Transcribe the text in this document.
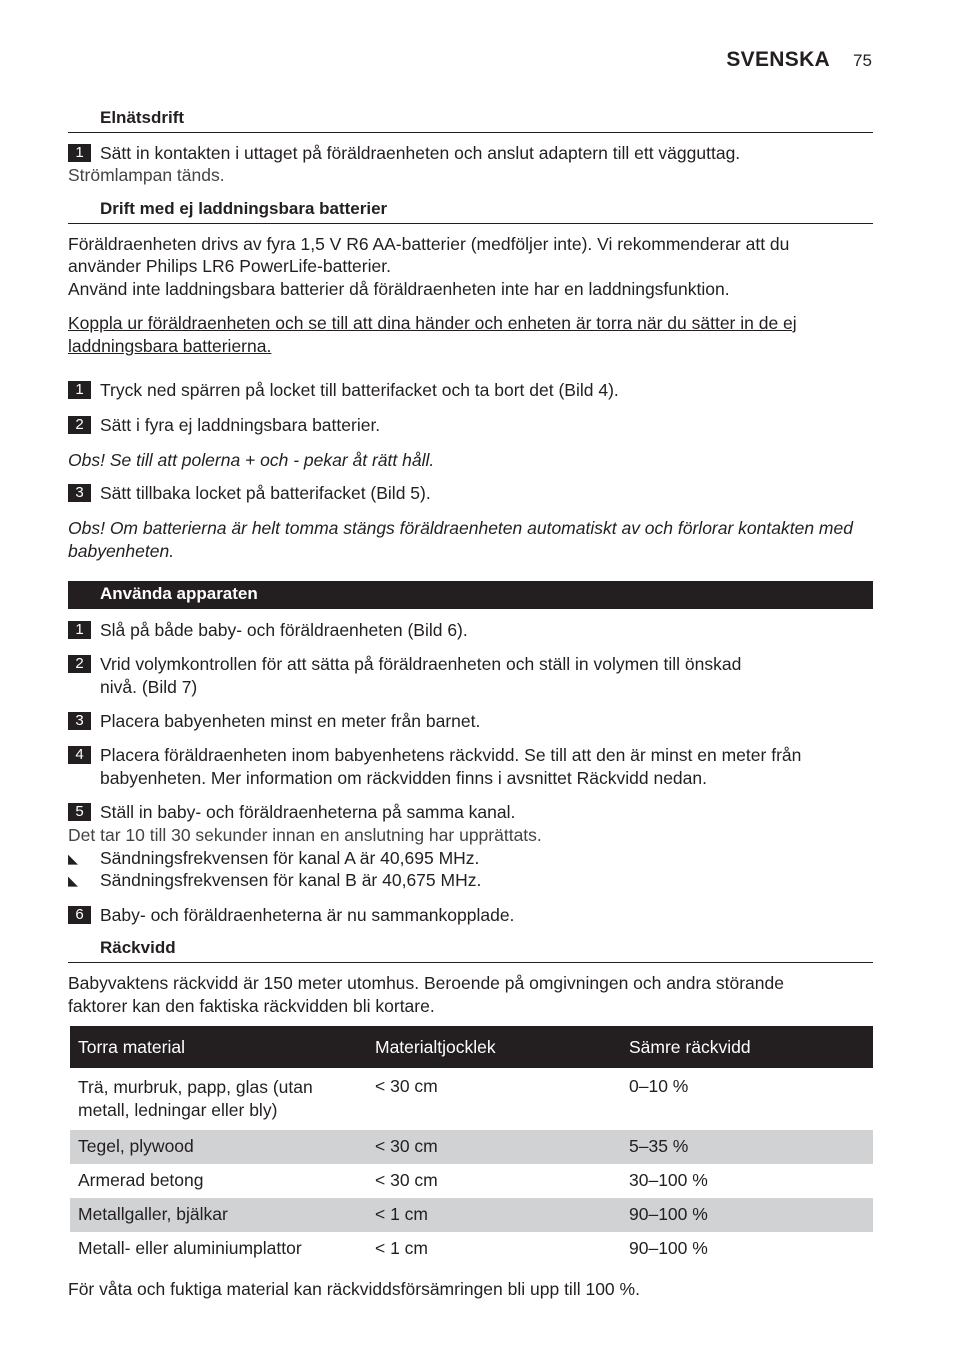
SVENSKA 75
Elnätsdrift
1 Sätt in kontakten i uttaget på föräldraenheten och anslut adaptern till ett vägguttag.
Strömlampan tänds.
Drift med ej laddningsbara batterier
Föräldraenheten drivs av fyra 1,5 V R6 AA-batterier (medföljer inte). Vi rekommenderar att du
använder Philips LR6 PowerLife-batterier.
Använd inte laddningsbara batterier då föräldraenheten inte har en laddningsfunktion.
Koppla ur föräldraenheten och se till att dina händer och enheten är torra när du sätter in de ej
laddningsbara batterierna.
1 Tryck ned spärren på locket till batterifacket och ta bort det (Bild 4).
2 Sätt i fyra ej laddningsbara batterier.
Obs! Se till att polerna + och - pekar åt rätt håll.
3 Sätt tillbaka locket på batterifacket (Bild 5).
Obs! Om batterierna är helt tomma stängs föräldraenheten automatiskt av och förlorar kontakten med
babyenheten.
Använda apparaten
1 Slå på både baby- och föräldraenheten (Bild 6).
2 Vrid volymkontrollen för att sätta på föräldraenheten och ställ in volymen till önskad
nivå. (Bild 7)
3 Placera babyenheten minst en meter från barnet.
4 Placera föräldraenheten inom babyenhetens räckvidd. Se till att den är minst en meter från
babyenheten. Mer information om räckvidden finns i avsnittet Räckvidd nedan.
5 Ställ in baby- och föräldraenheterna på samma kanal.
Det tar 10 till 30 sekunder innan en anslutning har upprättats.
◣ Sändningsfrekvensen för kanal A är 40,695 MHz.
◣ Sändningsfrekvensen för kanal B är 40,675 MHz.
6 Baby- och föräldraenheterna är nu sammankopplade.
Räckvidd
Babyvaktens räckvidd är 150 meter utomhus. Beroende på omgivningen och andra störande
faktorer kan den faktiska räckvidden bli kortare.
Torra material	Materialtjocklek	Sämre räckvidd
Trä, murbruk, papp, glas (utan
metall, ledningar eller bly)	< 30 cm	0–10 %
Tegel, plywood	< 30 cm	5–35 %
Armerad betong	< 30 cm	30–100 %
Metallgaller, bjälkar	< 1 cm	90–100 %
Metall- eller aluminiumplattor	< 1 cm	90–100 %
För våta och fuktiga material kan räckviddsförsämringen bli upp till 100 %.
